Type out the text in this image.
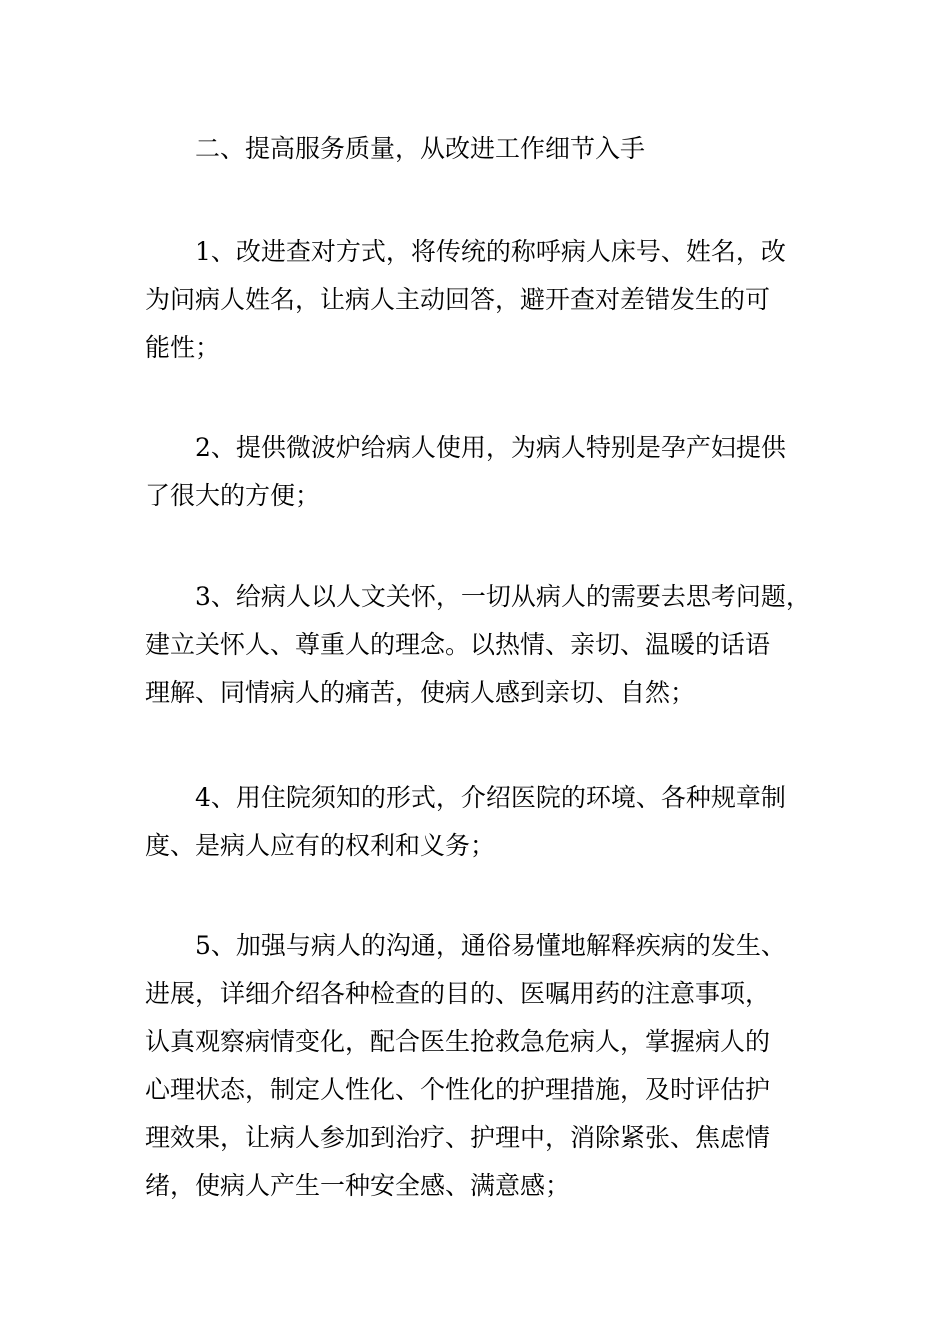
二、提高服务质量，从改进工作细节入手

1、改进查对方式，将传统的称呼病人床号、姓名，改
为问病人姓名，让病人主动回答，避开查对差错发生的可
能性；

2、提供微波炉给病人使用，为病人特别是孕产妇提供
了很大的方便；

3、给病人以人文关怀，一切从病人的需要去思考问题，
建立关怀人、尊重人的理念。以热情、亲切、温暖的话语
理解、同情病人的痛苦，使病人感到亲切、自然；

4、用住院须知的形式，介绍医院的环境、各种规章制
度、是病人应有的权利和义务；

5、加强与病人的沟通，通俗易懂地解释疾病的发生、
进展，详细介绍各种检查的目的、医嘱用药的注意事项，
认真观察病情变化，配合医生抢救急危病人，掌握病人的
心理状态，制定人性化、个性化的护理措施，及时评估护
理效果，让病人参加到治疗、护理中，消除紧张、焦虑情
绪，使病人产生一种安全感、满意感；
